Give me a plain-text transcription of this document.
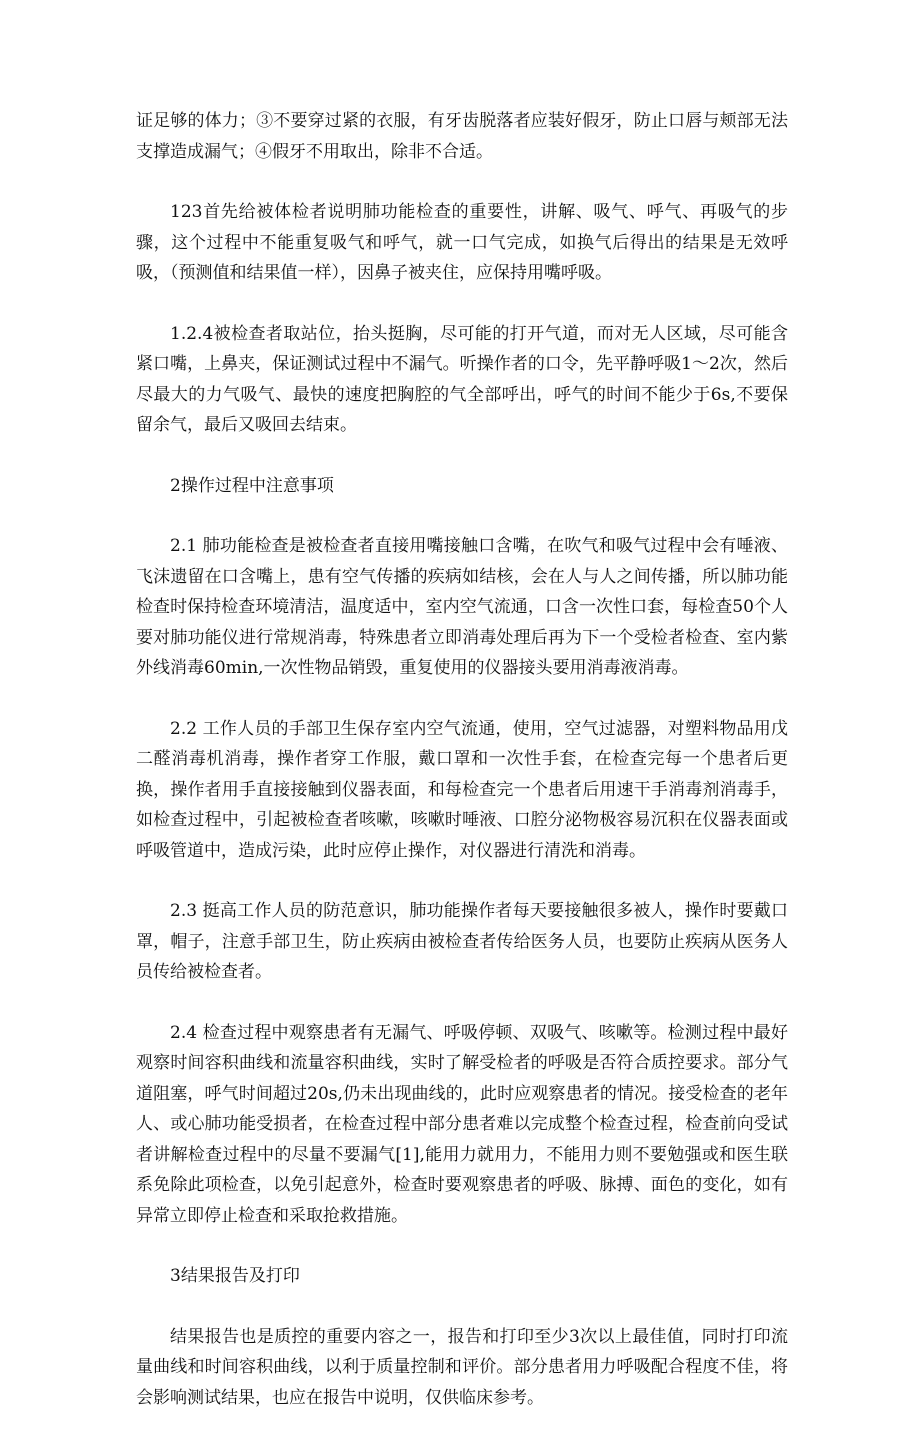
证足够的体力；③不要穿过紧的衣服，有牙齿脱落者应装好假牙，防止口唇与颊部无法支撑造成漏气；④假牙不用取出，除非不合适。

123首先给被体检者说明肺功能检查的重要性，讲解、吸气、呼气、再吸气的步骤，这个过程中不能重复吸气和呼气，就一口气完成，如换气后得出的结果是无效呼吸，（预测值和结果值一样），因鼻子被夹住，应保持用嘴呼吸。

1.2.4被检查者取站位，抬头挺胸，尽可能的打开气道，而对无人区域，尽可能含紧口嘴，上鼻夹，保证测试过程中不漏气。听操作者的口令，先平静呼吸1～2次，然后尽最大的力气吸气、最快的速度把胸腔的气全部呼出，呼气的时间不能少于6s,不要保留余气，最后又吸回去结束。

2操作过程中注意事项

2.1 肺功能检查是被检查者直接用嘴接触口含嘴，在吹气和吸气过程中会有唾液、飞沫遗留在口含嘴上，患有空气传播的疾病如结核，会在人与人之间传播，所以肺功能检查时保持检查环境清洁，温度适中，室内空气流通，口含一次性口套，每检查50个人要对肺功能仪进行常规消毒，特殊患者立即消毒处理后再为下一个受检者检查、室内紫外线消毒60min,一次性物品销毁，重复使用的仪器接头要用消毒液消毒。

2.2 工作人员的手部卫生保存室内空气流通，使用，空气过滤器，对塑料物品用戊二醛消毒机消毒，操作者穿工作服，戴口罩和一次性手套，在检查完每一个患者后更换，操作者用手直接接触到仪器表面，和每检查完一个患者后用速干手消毒剂消毒手，如检查过程中，引起被检查者咳嗽，咳嗽时唾液、口腔分泌物极容易沉积在仪器表面或呼吸管道中，造成污染，此时应停止操作，对仪器进行清洗和消毒。

2.3 挺高工作人员的防范意识，肺功能操作者每天要接触很多被人，操作时要戴口罩，帽子，注意手部卫生，防止疾病由被检查者传给医务人员，也要防止疾病从医务人员传给被检查者。

2.4 检查过程中观察患者有无漏气、呼吸停顿、双吸气、咳嗽等。检测过程中最好观察时间容积曲线和流量容积曲线，实时了解受检者的呼吸是否符合质控要求。部分气道阻塞，呼气时间超过20s,仍未出现曲线的，此时应观察患者的情况。接受检查的老年人、或心肺功能受损者，在检查过程中部分患者难以完成整个检查过程，检查前向受试者讲解检查过程中的尽量不要漏气[1],能用力就用力，不能用力则不要勉强或和医生联系免除此项检查，以免引起意外，检查时要观察患者的呼吸、脉搏、面色的变化，如有异常立即停止检查和采取抢救措施。

3结果报告及打印

结果报告也是质控的重要内容之一，报告和打印至少3次以上最佳值，同时打印流量曲线和时间容积曲线，以利于质量控制和评价。部分患者用力呼吸配合程度不佳，将会影响测试结果，也应在报告中说明，仅供临床参考。
